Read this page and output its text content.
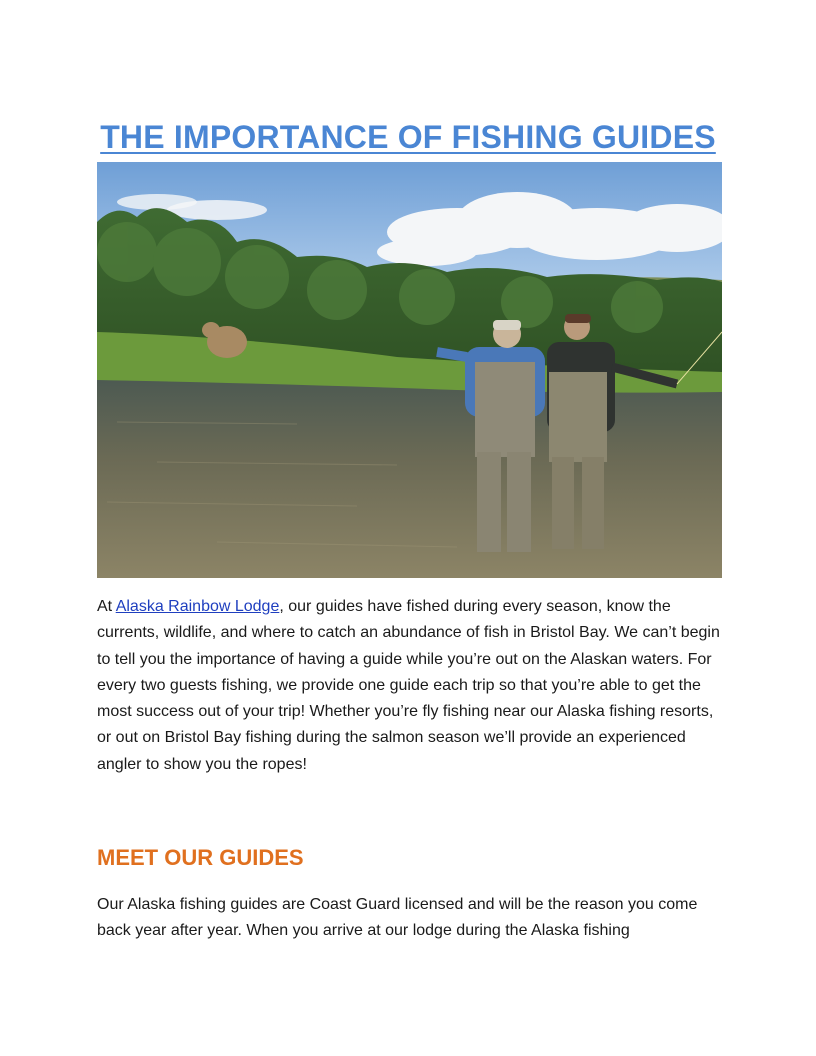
THE IMPORTANCE OF FISHING GUIDES

At Alaska Rainbow Lodge, our guides have fished during every season, know the currents, wildlife, and where to catch an abundance of fish in Bristol Bay. We can’t begin to tell you the importance of having a guide while you’re out on the Alaskan waters. For every two guests fishing, we provide one guide each trip so that you’re able to get the most success out of your trip! Whether you’re fly fishing near our Alaska fishing resorts, or out on Bristol Bay fishing during the salmon season we’ll provide an experienced angler to show you the ropes!

MEET OUR GUIDES

Our Alaska fishing guides are Coast Guard licensed and will be the reason you come back year after year. When you arrive at our lodge during the Alaska fishing
